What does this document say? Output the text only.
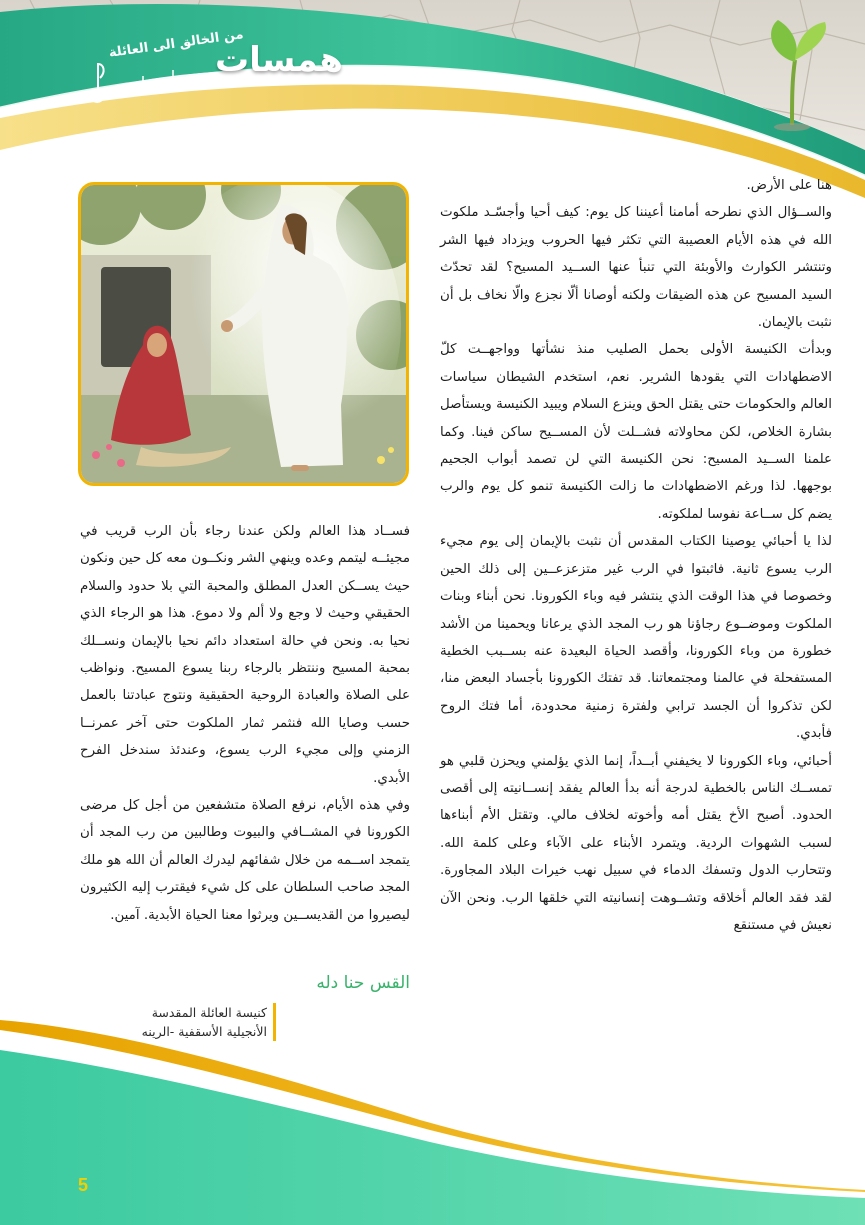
من الخالق الى العائلة
همسات

هنا على الأرض.

والســؤال الذي نطرحه أمامنا أعيننا كل يوم: كيف أحيا وأجسّـد ملكوت الله في هذه الأيام العصيبة التي تكثر فيها الحروب ويزداد فيها الشر وتنتشر الكوارث والأوبئة التي تنبأ عنها الســيد المسيح؟ لقد تحدّث السيد المسيح عن هذه الضيقات ولكنه أوصانا ألّا نجزع والّا نخاف بل أن نثبت بالإيمان.

وبدأت الكنيسة الأولى بحمل الصليب منذ نشأتها وواجهــت كلّ الاضطهادات التي يقودها الشرير. نعم، استخدم الشيطان سياسات العالم والحكومات حتى يقتل الحق وينزع السلام ويبيد الكنيسة ويستأصل بشارة الخلاص، لكن محاولاته فشــلت لأن المســيح ساكن فينا. وكما علمنا الســيد المسيح: نحن الكنيسة التي لن تصمد أبواب الجحيم بوجهها. لذا ورغم الاضطهادات ما زالت الكنيسة تنمو كل يوم والرب يضم كل ســاعة نفوسا لملكوته.

لذا يا أحبائي يوصينا الكتاب المقدس أن نثبت بالإيمان إلى يوم مجيء الرب يسوع ثانية. فاثبتوا في الرب غير متزعزعــين إلى ذلك الحين وخصوصا في هذا الوقت الذي ينتشر فيه وباء الكورونا. نحن أبناء وبنات الملكوت وموضــوع رجاؤنا هو رب المجد الذي يرعانا ويحمينا من الأشد خطورة من وباء الكورونا، وأقصد الحياة البعيدة عنه بســبب الخطية المستفحلة في عالمنا ومجتمعاتنا. قد تفتك الكورونا بأجساد البعض منا، لكن تذكروا أن الجسد ترابي ولفترة زمنية محدودة، أما فتك الروح فأبدي.

أحبائي، وباء الكورونا لا يخيفني أبــداً، إنما الذي يؤلمني ويحزن قلبي هو تمســك الناس بالخطية لدرجة أنه بدأ العالم يفقد إنســانيته إلى أقصى الحدود. أصبح الأخ يقتل أمه وأخوته لخلاف مالي. وتقتل الأم أبناءها لسبب الشهوات الردية. ويتمرد الأبناء على الآباء وعلى كلمة الله. وتتحارب الدول وتسفك الدماء في سبيل نهب خيرات البلاد المجاورة. لقد فقد العالم أخلاقه وتشــوهت إنسانيته التي خلقها الرب. ونحن الآن نعيش في مستنقع

فســاد هذا العالم ولكن عندنا رجاء بأن الرب قريب في مجيئــه ليتمم وعده وينهي الشر ونكــون معه كل حين ونكون حيث يســكن العدل المطلق والمحبة التي بلا حدود والسلام الحقيقي وحيث لا وجع ولا ألم ولا دموع. هذا هو الرجاء الذي نحيا به. ونحن في حالة استعداد دائم نحيا بالإيمان ونســلك بمحبة المسيح وننتظر بالرجاء ربنا يسوع المسيح. ونواظب على الصلاة والعبادة الروحية الحقيقية ونتوج عبادتنا بالعمل حسب وصايا الله فنثمر ثمار الملكوت حتى آخر عمرنــا الزمني وإلى مجيء الرب يسوع، وعندئذ سندخل الفرح الأبدي.

وفي هذه الأيام، نرفع الصلاة متشفعين من أجل كل مرضى الكورونا في المشــافي والبيوت وطالبين من رب المجد أن يتمجد اســمه من خلال شفائهم ليدرك العالم أن الله هو ملك المجد صاحب السلطان على كل شيء فيقترب إليه الكثيرون ليصيروا من القديســين ويرثوا معنا الحياة الأبدية. آمين.

القس حنا دله
كنيسة العائلة المقدسة
الأنجيلية الأسقفية -الرينه
5
